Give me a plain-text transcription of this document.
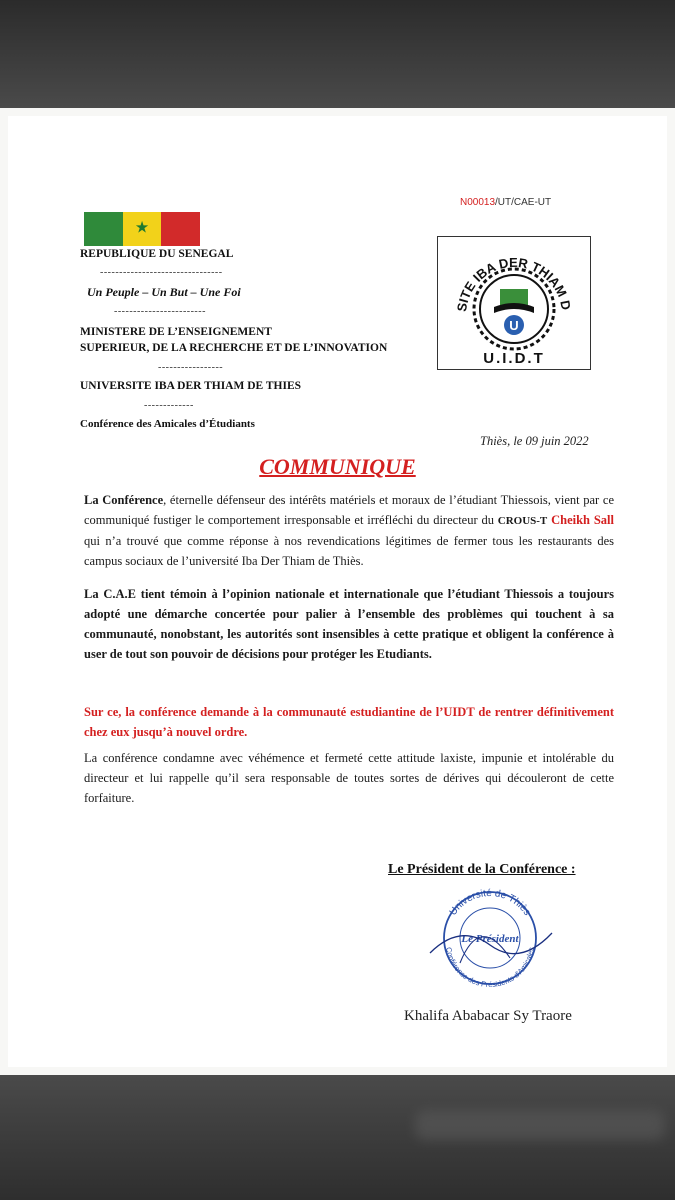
N00013/UT/CAE-UT
★
REPUBLIQUE DU SENEGAL
--------------------------------
Un Peuple – Un But – Une Foi
------------------------
MINISTERE DE L’ENSEIGNEMENT
SUPERIEUR, DE LA RECHERCHE ET DE L’INNOVATION
-----------------
UNIVERSITE IBA DER THIAM DE THIES
-------------
Conférence des Amicales d’Étudiants
SITE IBA DER THIAM D
U
U.I.D.T
Thiès, le 09 juin 2022
COMMUNIQUE
La Conférence, éternelle défenseur des intérêts matériels et moraux de l’étudiant Thiessois, vient par ce communiqué fustiger le comportement irresponsable et irréfléchi du directeur du CROUS-T Cheikh Sall qui n’a trouvé que comme réponse à nos revendications légitimes de fermer tous les restaurants des campus sociaux de l’université Iba Der Thiam de Thiès.
La C.A.E tient témoin à l’opinion nationale et internationale que l’étudiant Thiessois a toujours adopté une démarche concertée pour palier à l’ensemble des problèmes qui touchent à sa communauté, nonobstant, les autorités sont insensibles à cette pratique et obligent la conférence à user de tout son pouvoir de décisions pour protéger les Etudiants.
Sur ce, la conférence demande à la communauté estudiantine de l’UIDT de rentrer définitivement chez eux jusqu’à nouvel ordre.
La conférence condamne avec véhémence et fermeté cette attitude laxiste, impunie et intolérable du directeur et lui rappelle qu’il sera responsable de toutes sortes de dérives qui découleront de cette forfaiture.
Le Président de la Conférence :
Université de Thiès
Conférence des Présidents d'Amicales
Le Président
Khalifa Ababacar Sy Traore
